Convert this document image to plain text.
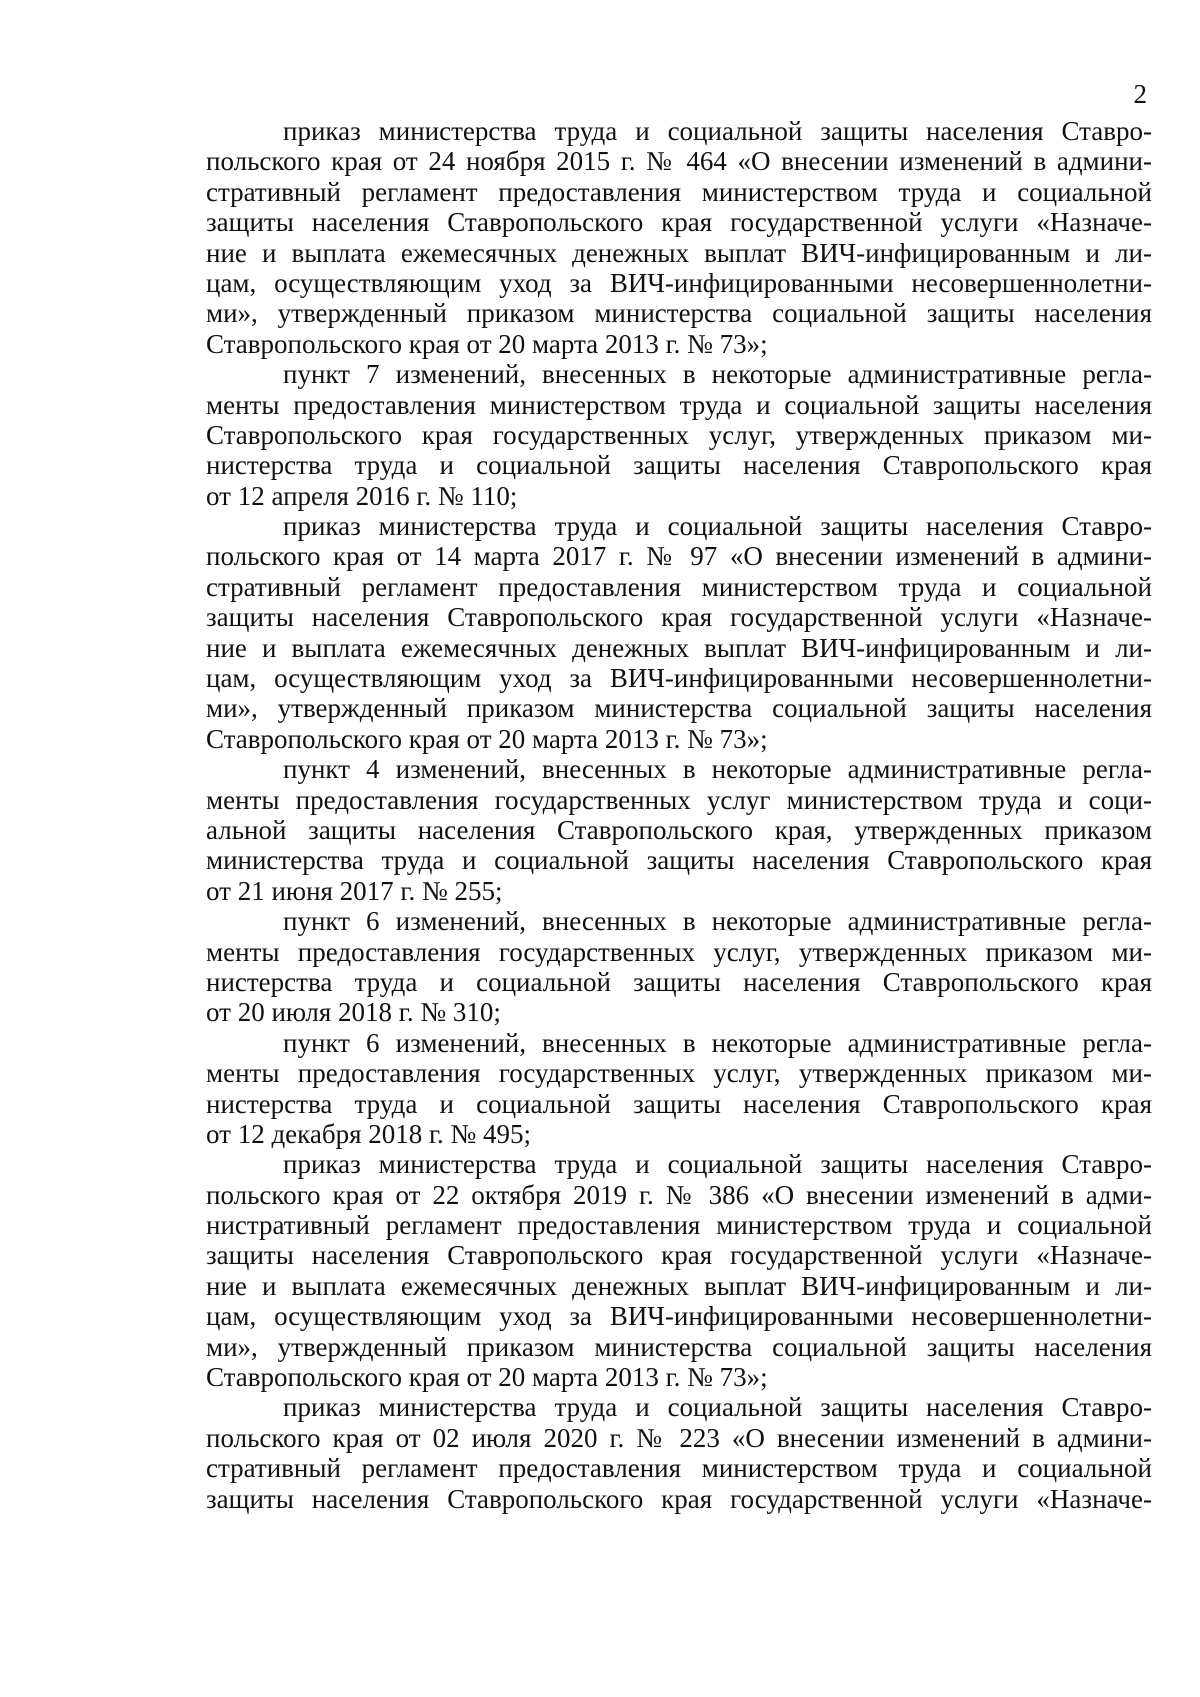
2
приказ министерства труда и социальной защиты населения Ставро-
польского края от 24 ноября 2015 г. № 464 «О внесении изменений в админи-
стративный регламент предоставления министерством труда и социальной
защиты населения Ставропольского края государственной услуги «Назначе-
ние и выплата ежемесячных денежных выплат ВИЧ-инфицированным и ли-
цам, осуществляющим уход за ВИЧ-инфицированными несовершеннолетни-
ми», утвержденный приказом министерства социальной защиты населения
Ставропольского края от 20 марта 2013 г. № 73»;
пункт 7 изменений, внесенных в некоторые административные регла-
менты предоставления министерством труда и социальной защиты населения
Ставропольского края государственных услуг, утвержденных приказом ми-
нистерства труда и социальной защиты населения Ставропольского края
от 12 апреля 2016 г. № 110;
приказ министерства труда и социальной защиты населения Ставро-
польского края от 14 марта 2017 г. № 97 «О внесении изменений в админи-
стративный регламент предоставления министерством труда и социальной
защиты населения Ставропольского края государственной услуги «Назначе-
ние и выплата ежемесячных денежных выплат ВИЧ-инфицированным и ли-
цам, осуществляющим уход за ВИЧ-инфицированными несовершеннолетни-
ми», утвержденный приказом министерства социальной защиты населения
Ставропольского края от 20 марта 2013 г. № 73»;
пункт 4 изменений, внесенных в некоторые административные регла-
менты предоставления государственных услуг министерством труда и соци-
альной защиты населения Ставропольского края, утвержденных приказом
министерства труда и социальной защиты населения Ставропольского края
от 21 июня 2017 г. № 255;
пункт 6 изменений, внесенных в некоторые административные регла-
менты предоставления государственных услуг, утвержденных приказом ми-
нистерства труда и социальной защиты населения Ставропольского края
от 20 июля 2018 г. № 310;
пункт 6 изменений, внесенных в некоторые административные регла-
менты предоставления государственных услуг, утвержденных приказом ми-
нистерства труда и социальной защиты населения Ставропольского края
от 12 декабря 2018 г. № 495;
приказ министерства труда и социальной защиты населения Ставро-
польского края от 22 октября 2019 г. № 386 «О внесении изменений в адми-
нистративный регламент предоставления министерством труда и социальной
защиты населения Ставропольского края государственной услуги «Назначе-
ние и выплата ежемесячных денежных выплат ВИЧ-инфицированным и ли-
цам, осуществляющим уход за ВИЧ-инфицированными несовершеннолетни-
ми», утвержденный приказом министерства социальной защиты населения
Ставропольского края от 20 марта 2013 г. № 73»;
приказ министерства труда и социальной защиты населения Ставро-
польского края от 02 июля 2020 г. № 223 «О внесении изменений в админи-
стративный регламент предоставления министерством труда и социальной
защиты населения Ставропольского края государственной услуги «Назначе-
